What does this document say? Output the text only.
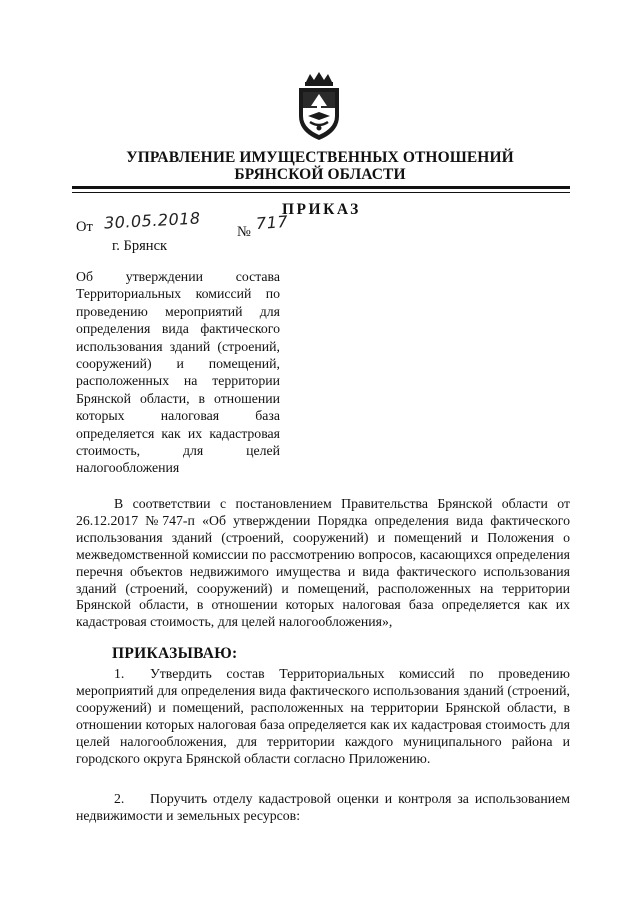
УПРАВЛЕНИЕ ИМУЩЕСТВЕННЫХ ОТНОШЕНИЙ
БРЯНСКОЙ ОБЛАСТИ
ПРИКАЗ
От 30.05.2018 № 717
г. Брянск
Об утверждении состава Территориальных комиссий по проведению мероприятий для определения вида фактического использования зданий (строений, сооружений) и помещений, расположенных на территории Брянской области, в отношении которых налоговая база определяется как их кадастровая стоимость, для целей налогообложения
В соответствии с постановлением Правительства Брянской области от 26.12.2017 №747-п «Об утверждении Порядка определения вида фактического использования зданий (строений, сооружений) и помещений и Положения о межведомственной комиссии по рассмотрению вопросов, касающихся определения перечня объектов недвижимого имущества и вида фактического использования зданий (строений, сооружений) и помещений, расположенных на территории Брянской области, в отношении которых налоговая база определяется как их кадастровая стоимость, для целей налогообложения»,
ПРИКАЗЫВАЮ:
1. Утвердить состав Территориальных комиссий по проведению мероприятий для определения вида фактического использования зданий (строений, сооружений) и помещений, расположенных на территории Брянской области, в отношении которых налоговая база определяется как их кадастровая стоимость для целей налогообложения, для территории каждого муниципального района и городского округа Брянской области согласно Приложению.
2. Поручить отделу кадастровой оценки и контроля за использованием недвижимости и земельных ресурсов:
